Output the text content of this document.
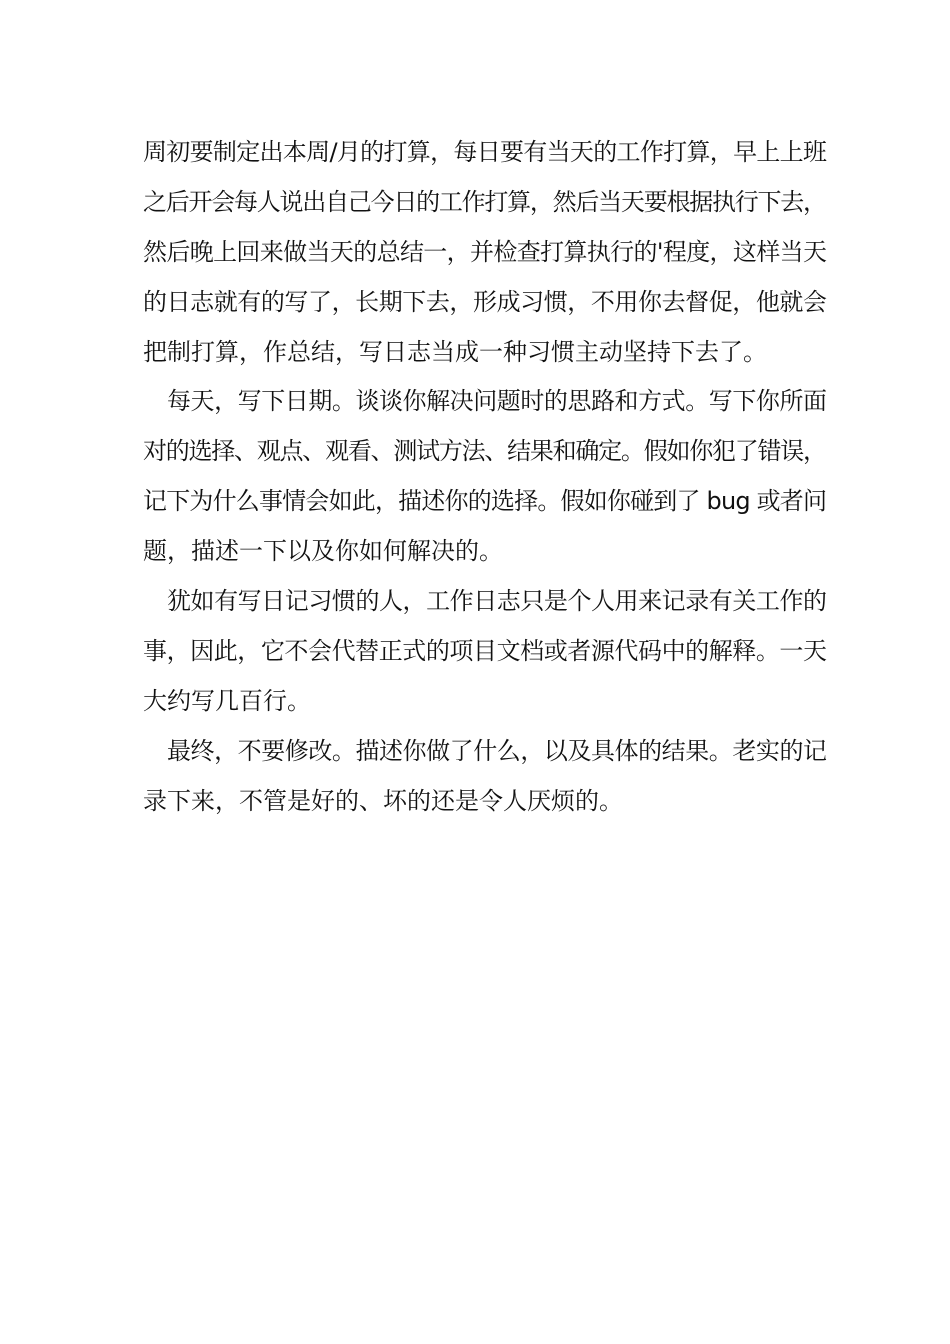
周初要制定出本周/月的打算，每日要有当天的工作打算，早上上班
之后开会每人说出自己今日的工作打算，然后当天要根据执行下去，
然后晚上回来做当天的总结一，并检查打算执行的'程度，这样当天
的日志就有的写了，长期下去，形成习惯，不用你去督促，他就会
把制打算，作总结，写日志当成一种习惯主动坚持下去了。
每天，写下日期。谈谈你解决问题时的思路和方式。写下你所面
对的选择、观点、观看、测试方法、结果和确定。假如你犯了错误，
记下为什么事情会如此，描述你的选择。假如你碰到了 bug 或者问
题，描述一下以及你如何解决的。
犹如有写日记习惯的人，工作日志只是个人用来记录有关工作的
事，因此，它不会代替正式的项目文档或者源代码中的解释。一天
大约写几百行。
最终，不要修改。描述你做了什么，以及具体的结果。老实的记
录下来，不管是好的、坏的还是令人厌烦的。
